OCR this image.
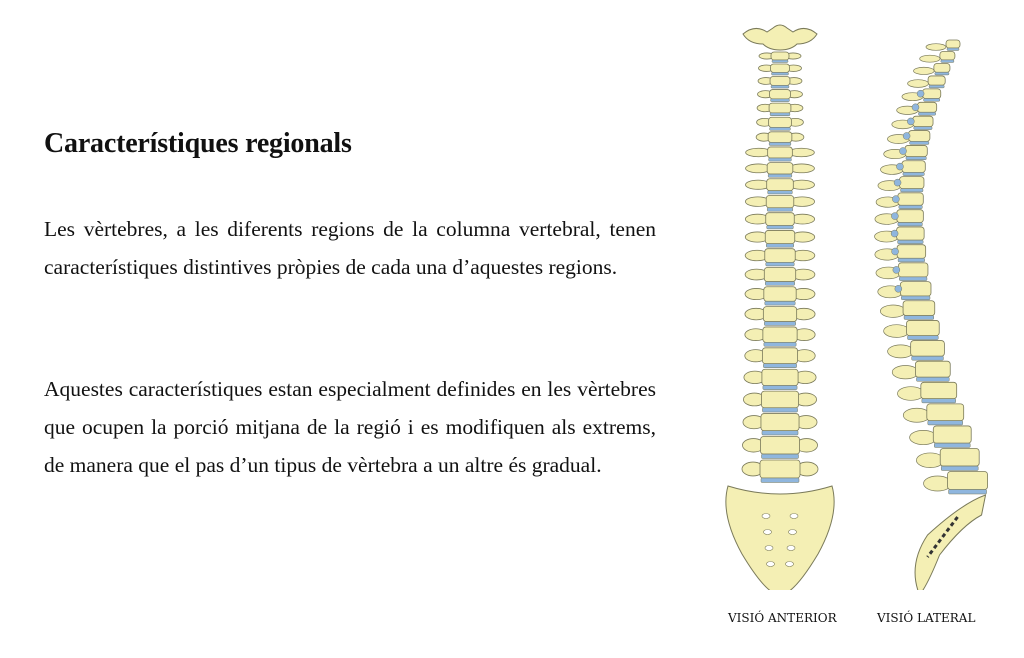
Característiques regionals

Les vèrtebres, a les diferents regions de la columna vertebral, tenen característiques distintives pròpies de cada una d’aquestes regions.

Aquestes característiques estan especialment definides en les vèrtebres que ocupen la porció mitjana de la regió i es modifiquen als extrems, de manera que el pas d’un tipus de vèrtebra a un altre és gradual.

VISIÓ ANTERIOR	VISIÓ LATERAL
